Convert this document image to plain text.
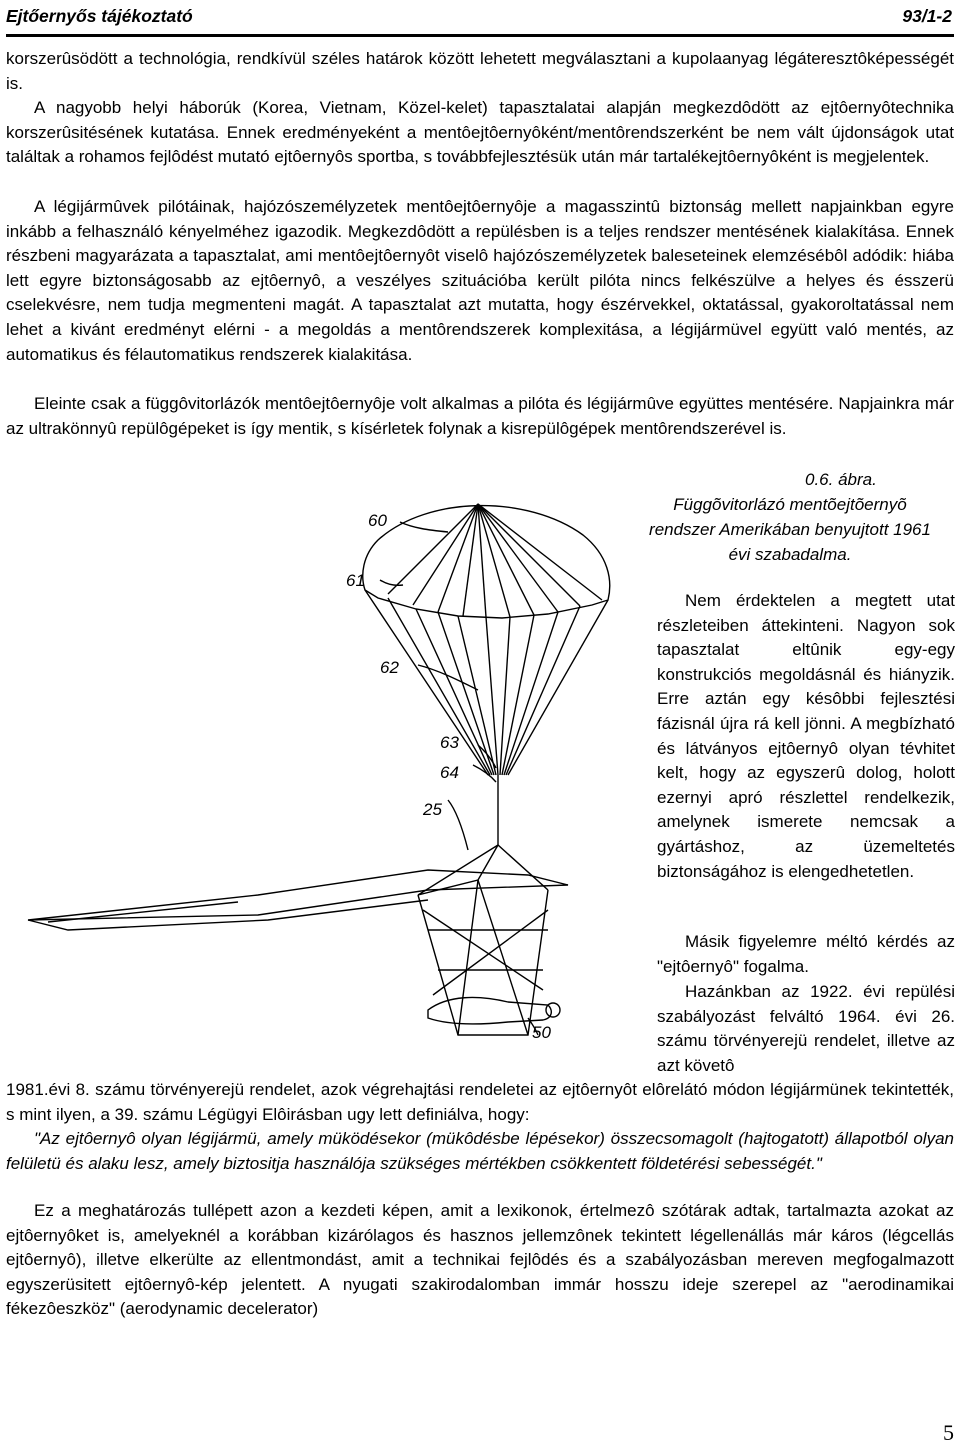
Ejtőernyős tájékoztató	93/1-2

korszerûsödött a technológia, rendkívül széles határok között lehetett megválasztani a kupolaanyag légáteresztôképességét is.

A nagyobb helyi háborúk (Korea, Vietnam, Közel-kelet) tapasztalatai alapján megkezdôdött az ejtôernyôtechnika korszerûsitésének kutatása. Ennek eredményeként a mentôejtôernyôként/mentôrendszerként be nem vált újdonságok utat találtak a rohamos fejlôdést mutató ejtôernyôs sportba, s továbbfejlesztésük után már tartalékejtôernyôként is megjelentek.

A légijármûvek pilótáinak, hajózószemélyzetek mentôejtôernyôje a magasszintû biztonság mellett napjainkban egyre inkább a felhasználó kényelméhez igazodik. Megkezdôdött a repülésben is a teljes rendszer mentésének kialakítása. Ennek részbeni magyarázata a tapasztalat, ami mentôejtôernyôt viselô hajózószemélyzetek baleseteinek elemzésébôl adódik: hiába lett egyre biztonságosabb az ejtôernyô, a veszélyes szituációba került pilóta nincs felkészülve a helyes és ésszerü cselekvésre, nem tudja megmenteni magát. A tapasztalat azt mutatta, hogy észérvekkel, oktatással, gyakoroltatással nem lehet a kivánt eredményt elérni - a megoldás a mentôrendszerek komplexitása, a légijármüvel együtt való mentés, az automatikus és félautomatikus rendszerek kialakitása.

Eleinte csak a függôvitorlázók mentôejtôernyôje volt alkalmas a pilóta és légijármûve együttes mentésére. Napjainkra már az ultrakönnyû repülôgépeket is így mentik, s kísérletek folynak a kisrepülôgépek mentôrendszerével is.

0.6. ábra.
Függõvitorlázó mentõejtõernyõ rendszer Amerikában benyujtott 1961 évi szabadalma.
60
61
62
63
64
25
50

Nem érdektelen a megtett utat részleteiben áttekinteni. Nagyon sok tapasztalat eltûnik egy-egy konstrukciós megoldásnál és hiányzik. Erre aztán egy késôbbi fejlesztési fázisnál újra rá kell jönni. A megbízható és látványos ejtôernyô olyan tévhitet kelt, hogy az egyszerû dolog, holott ezernyi apró részlettel rendelkezik, amelynek ismerete nemcsak a gyártáshoz, az üzemeltetés biztonságához is elengedhetetlen.

Másik figyelemre méltó kérdés az "ejtôernyô" fogalma.

Hazánkban az 1922. évi repülési szabályozást felváltó 1964. évi 26. számu törvényerejü rendelet, illetve az azt követô

1981.évi 8. számu törvényerejü rendelet, azok végrehajtási rendeletei az ejtôernyôt elôrelátó módon légijármünek tekintették, s mint ilyen, a 39. számu Légügyi Elôirásban ugy lett definiálva, hogy:

"Az ejtôernyô olyan légijármü, amely müködésekor (mükôdésbe lépésekor) összecsomagolt (hajtogatott) állapotból olyan felületü és alaku lesz, amely biztositja használója szükséges mértékben csökkentett földetérési sebességét."

Ez a meghatározás tullépett azon a kezdeti képen, amit a lexikonok, értelmezô szótárak adtak, tartalmazta azokat az ejtôernyôket is, amelyeknél a korábban kizárólagos és hasznos jellemzônek tekintett légellenállás már káros (légcellás ejtôernyô), illetve elkerülte az ellentmondást, amit a technikai fejlôdés és a szabályozásban mereven megfogalmazott egyszerüsitett ejtôernyô-kép jelentett. A nyugati szakirodalomban immár hosszu ideje szerepel az "aerodinamikai fékezôeszköz" (aerodynamic decelerator)

5
